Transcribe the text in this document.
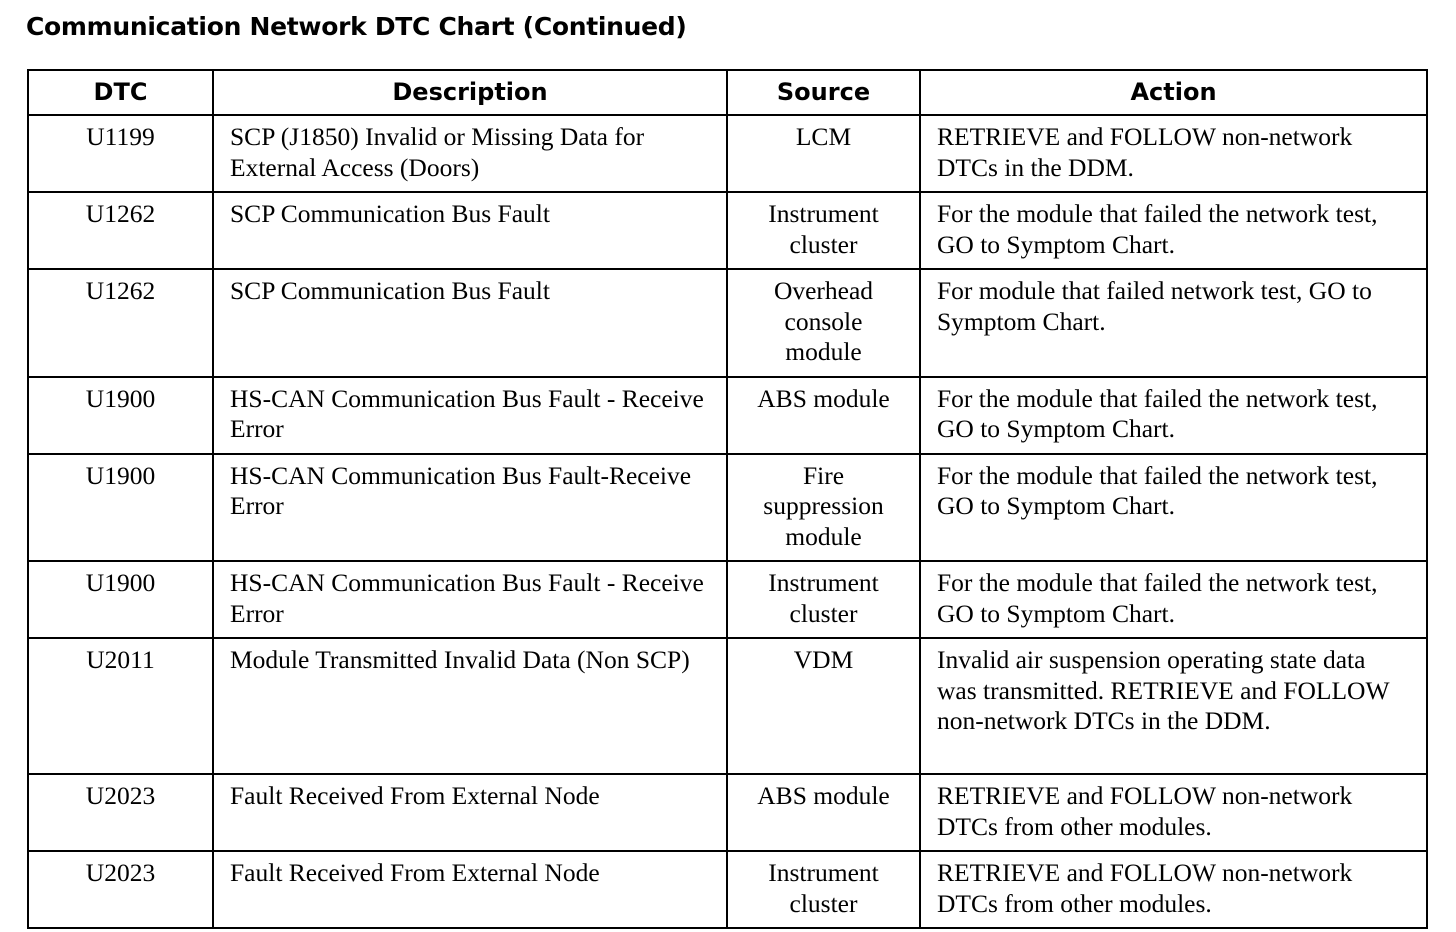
Communication Network DTC Chart (Continued)
DTC	Description	Source	Action
U1199	SCP (J1850) Invalid or Missing Data for External Access (Doors)	LCM	RETRIEVE and FOLLOW non-network DTCs in the DDM.
U1262	SCP Communication Bus Fault	Instrument cluster	For the module that failed the network test, GO to Symptom Chart.
U1262	SCP Communication Bus Fault	Overhead console module	For module that failed network test, GO to Symptom Chart.
U1900	HS-CAN Communication Bus Fault - Receive Error	ABS module	For the module that failed the network test, GO to Symptom Chart.
U1900	HS-CAN Communication Bus Fault-Receive Error	Fire suppression module	For the module that failed the network test, GO to Symptom Chart.
U1900	HS-CAN Communication Bus Fault - Receive Error	Instrument cluster	For the module that failed the network test, GO to Symptom Chart.
U2011	Module Transmitted Invalid Data (Non SCP)	VDM	Invalid air suspension operating state data was transmitted. RETRIEVE and FOLLOW non-network DTCs in the DDM.
U2023	Fault Received From External Node	ABS module	RETRIEVE and FOLLOW non-network DTCs from other modules.
U2023	Fault Received From External Node	Instrument cluster	RETRIEVE and FOLLOW non-network DTCs from other modules.
